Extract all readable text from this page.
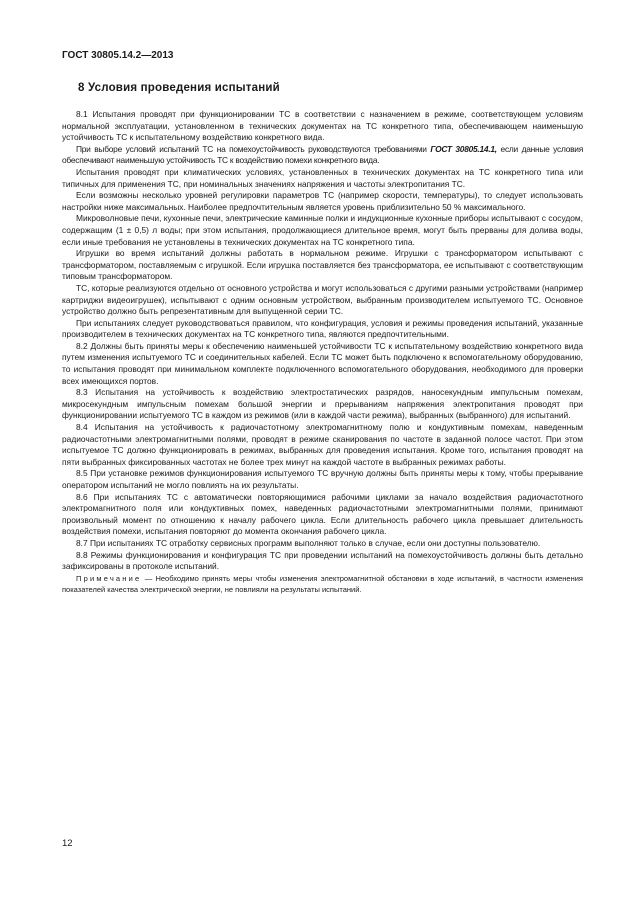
ГОСТ 30805.14.2—2013
8 Условия проведения испытаний

8.1 Испытания проводят при функционировании ТС в соответствии с назначением в режиме, соответствующем условиям нормальной эксплуатации, установленном в технических документах на ТС конкретного типа, обеспечивающем наименьшую устойчивость ТС к испытательному воздействию конкретного вида.

При выборе условий испытаний ТС на помехоустойчивость руководствуются требованиями ГОСТ 30805.14.1, если данные условия обеспечивают наименьшую устойчивость ТС к воздействию помехи конкретного вида.

Испытания проводят при климатических условиях, установленных в технических документах на ТС конкретного типа или типичных для применения ТС, при номинальных значениях напряжения и частоты электропитания ТС.

Если возможны несколько уровней регулировки параметров ТС (например скорости, температуры), то следует использовать настройки ниже максимальных. Наиболее предпочтительным является уровень приблизительно 50 % максимального.

Микроволновые печи, кухонные печи, электрические каминные полки и индукционные кухонные приборы испытывают с сосудом, содержащим (1 ± 0,5) л воды; при этом испытания, продолжающиеся длительное время, могут быть прерваны для долива воды, если иные требования не установлены в технических документах на ТС конкретного типа.

Игрушки во время испытаний должны работать в нормальном режиме. Игрушки с трансформатором испытывают с трансформатором, поставляемым с игрушкой. Если игрушка поставляется без трансформатора, ее испытывают с соответствующим типовым трансформатором.

ТС, которые реализуются отдельно от основного устройства и могут использоваться с другими разными устройствами (например картриджи видеоигрушек), испытывают с одним основным устройством, выбранным производителем испытуемого ТС. Основное устройство должно быть репрезентативным для выпущенной серии ТС.

При испытаниях следует руководствоваться правилом, что конфигурация, условия и режимы проведения испытаний, указанные производителем в технических документах на ТС конкретного типа, являются предпочтительными.

8.2 Должны быть приняты меры к обеспечению наименьшей устойчивости ТС к испытательному воздействию конкретного вида путем изменения испытуемого ТС и соединительных кабелей. Если ТС может быть подключено к вспомогательному оборудованию, то испытания проводят при минимальном комплекте подключенного вспомогательного оборудования, необходимого для проверки всех имеющихся портов.

8.3 Испытания на устойчивость к воздействию электростатических разрядов, наносекундным импульсным помехам, микросекундным импульсным помехам большой энергии и прерываниям напряжения электропитания проводят при функционировании испытуемого ТС в каждом из режимов (или в каждой части режима), выбранных (выбранного) для испытаний.

8.4 Испытания на устойчивость к радиочастотному электромагнитному полю и кондуктивным помехам, наведенным радиочастотными электромагнитными полями, проводят в режиме сканирования по частоте в заданной полосе частот. При этом испытуемое ТС должно функционировать в режимах, выбранных для проведения испытания. Кроме того, испытания проводят на пяти выбранных фиксированных частотах не более трех минут на каждой частоте в выбранных режимах работы.

8.5 При установке режимов функционирования испытуемого ТС вручную должны быть приняты меры к тому, чтобы прерывание оператором испытаний не могло повлиять на их результаты.

8.6 При испытаниях ТС с автоматически повторяющимися рабочими циклами за начало воздействия радиочастотного электромагнитного поля или кондуктивных помех, наведенных радиочастотными электромагнитными полями, принимают произвольный момент по отношению к началу рабочего цикла. Если длительность рабочего цикла превышает длительность воздействия помехи, испытания повторяют до момента окончания рабочего цикла.

8.7 При испытаниях ТС отработку сервисных программ выполняют только в случае, если они доступны пользователю.

8.8 Режимы функционирования и конфигурация ТС при проведении испытаний на помехоустойчивость должны быть детально зафиксированы в протоколе испытаний.

Примечание — Необходимо принять меры чтобы изменения электромагнитной обстановки в ходе испытаний, в частности изменения показателей качества электрической энергии, не повлияли на результаты испытаний.

12
